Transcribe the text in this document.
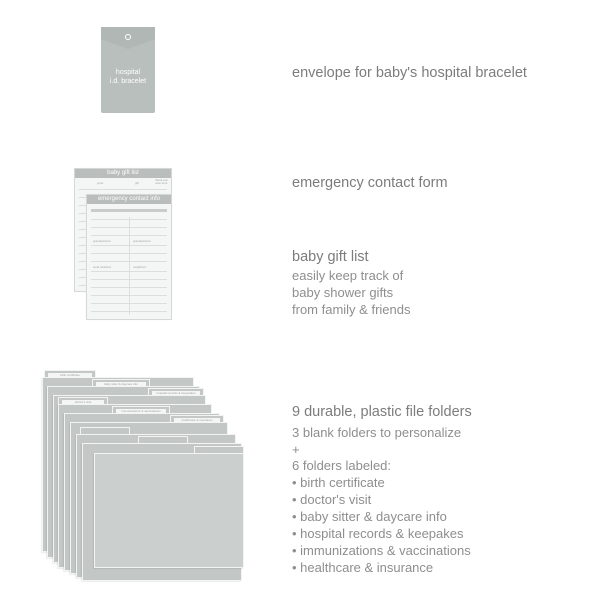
hospital
i.d. bracelet
envelope for baby's hospital bracelet
baby gift list
giver	gift
thank you note sent
emergency contact info
grandparents	grandparents
local relatives	neighbors
emergency contact form
baby gift list
easily keep track of
baby shower gifts
from family & friends
birth certificate
baby sitter & daycare info
hospital records & keepsakes
doctor's visit
immunizations & vaccinations
healthcare & insurance	9 durable, plastic file folders
3 blank folders to personalize
+
6 folders labeled:
• birth certificate
• doctor's visit
• baby sitter & daycare info
• hospital records & keepakes
• immunizations & vaccinations
• healthcare & insurance
